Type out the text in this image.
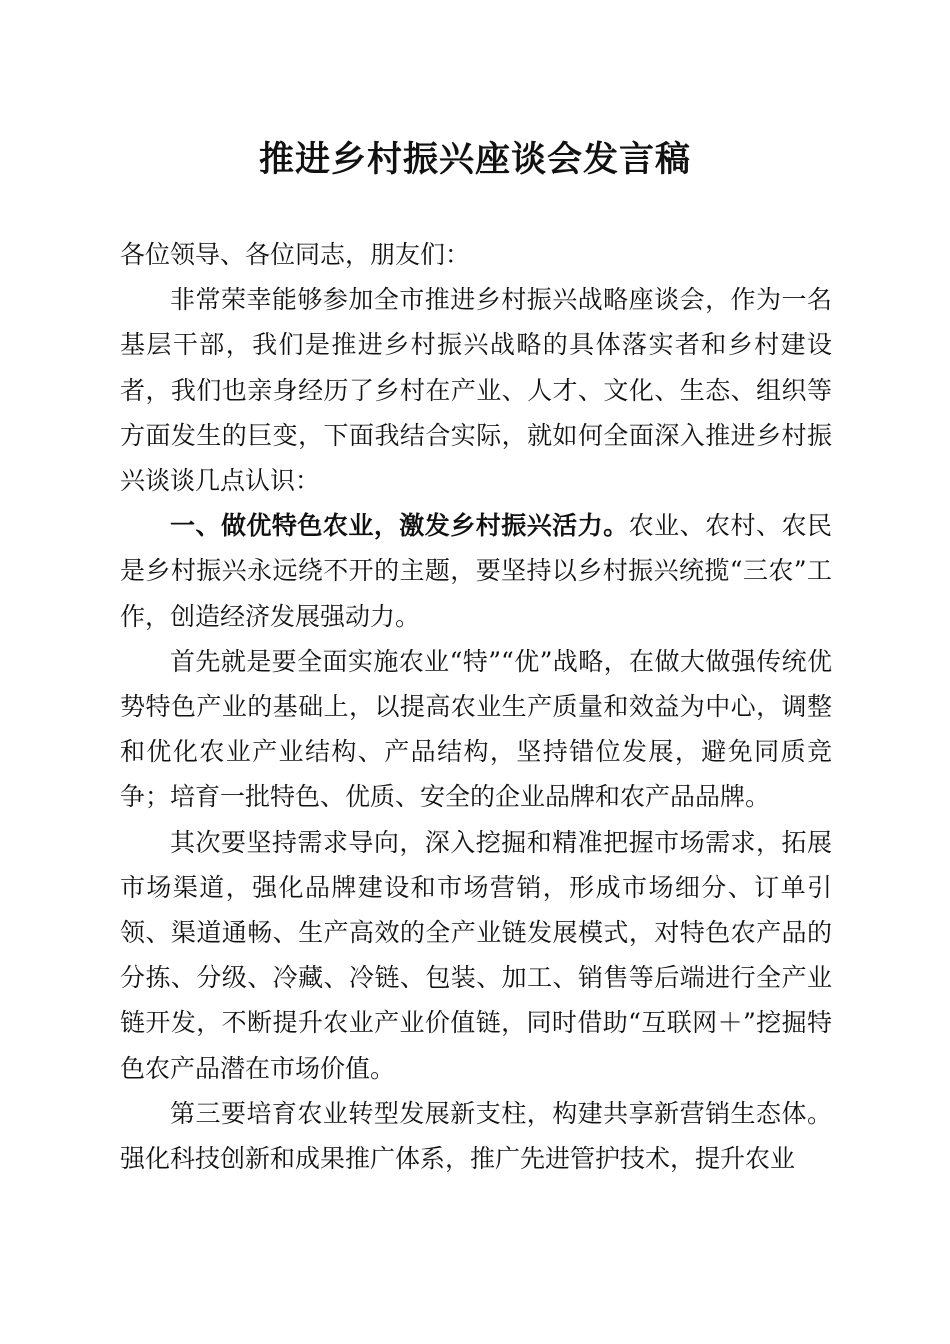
推进乡村振兴座谈会发言稿

各位领导、各位同志，朋友们：

非常荣幸能够参加全市推进乡村振兴战略座谈会，作为一名基层干部，我们是推进乡村振兴战略的具体落实者和乡村建设者，我们也亲身经历了乡村在产业、人才、文化、生态、组织等方面发生的巨变，下面我结合实际，就如何全面深入推进乡村振兴谈谈几点认识：

一、做优特色农业，激发乡村振兴活力。农业、农村、农民是乡村振兴永远绕不开的主题，要坚持以乡村振兴统揽“三农”工作，创造经济发展强动力。

首先就是要全面实施农业“特”“优”战略，在做大做强传统优势特色产业的基础上，以提高农业生产质量和效益为中心，调整和优化农业产业结构、产品结构，坚持错位发展，避免同质竞争；培育一批特色、优质、安全的企业品牌和农产品品牌。

其次要坚持需求导向，深入挖掘和精准把握市场需求，拓展市场渠道，强化品牌建设和市场营销，形成市场细分、订单引领、渠道通畅、生产高效的全产业链发展模式，对特色农产品的分拣、分级、冷藏、冷链、包装、加工、销售等后端进行全产业链开发，不断提升农业产业价值链，同时借助“互联网＋”挖掘特色农产品潜在市场价值。

第三要培育农业转型发展新支柱，构建共享新营销生态体。强化科技创新和成果推广体系，推广先进管护技术，提升农业
